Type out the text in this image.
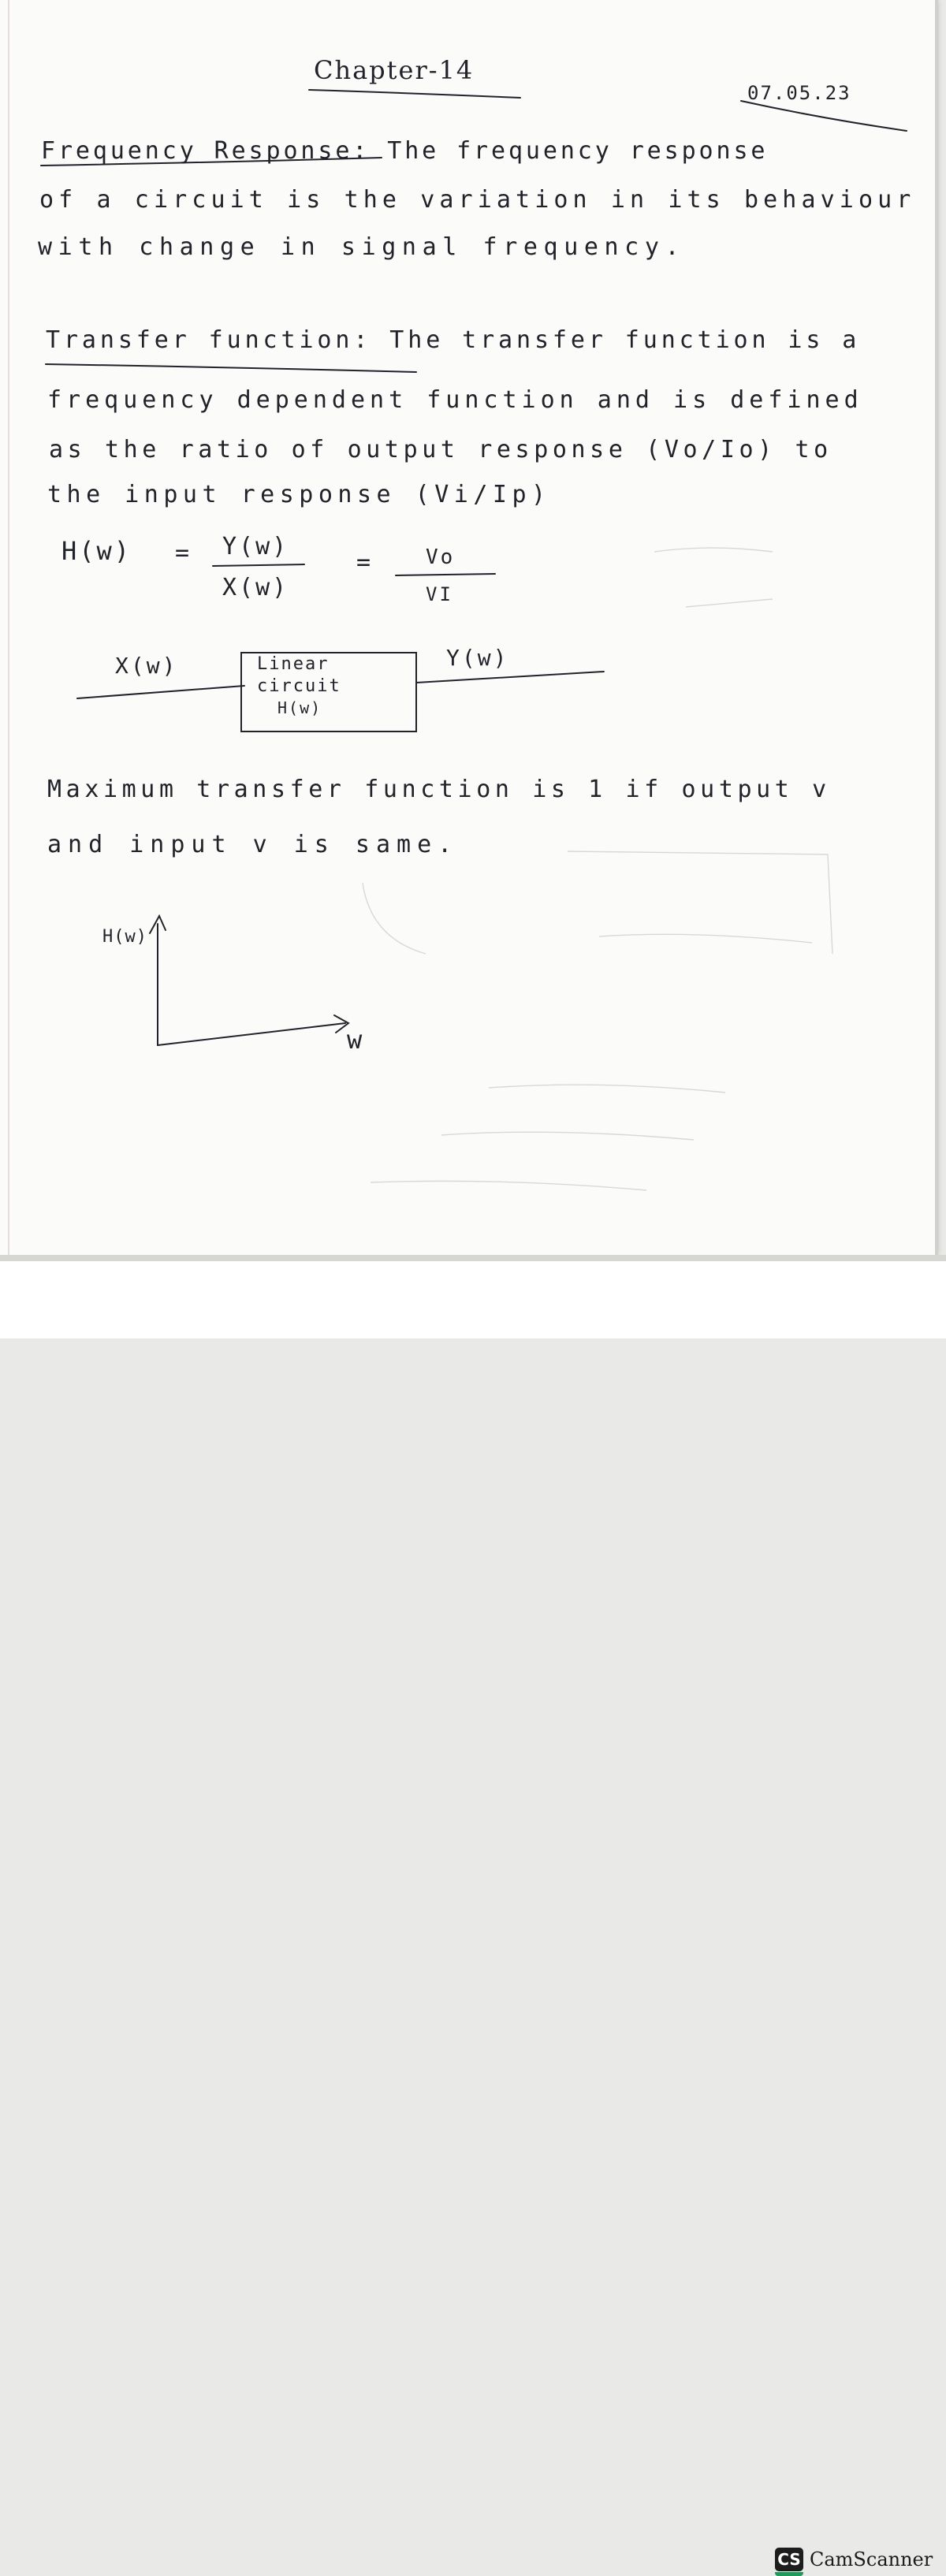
Chapter-14
07.05.23
Frequency Response: The frequency response
of a circuit is the variation in its behaviour
with change in signal frequency.
Transfer function: The transfer function is a
frequency dependent function and is defined
as the ratio of output response (Vo/Io) to
the input response (Vi/Ip)
H(w) = Y(w)
X(w)
=	Vo
VI
X(w)	Linear
circuit
H(w)
Y(w)
Maximum transfer function is 1 if output v
and input v is same.
H(w)
w
CS CamScanner
